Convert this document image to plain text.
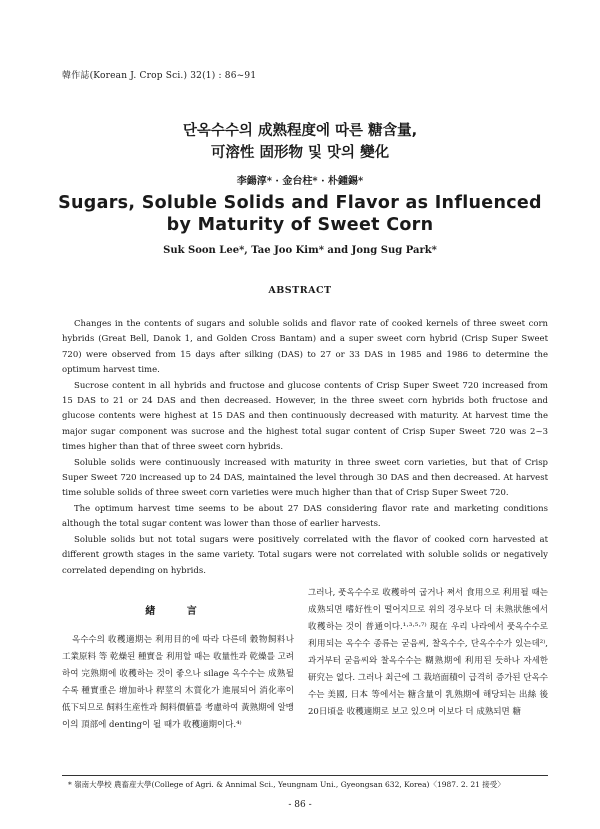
韓作誌(Korean J. Crop Sci.) 32(1) : 86~91
단옥수수의 成熟程度에 따른 糖含量,
可溶性 固形物 및 맛의 變化
李鍚淳* · 金台柱* · 朴鍾錫*
Sugars, Soluble Solids and Flavor as Influenced
by Maturity of Sweet Corn
Suk Soon Lee*, Tae Joo Kim* and Jong Sug Park*
ABSTRACT

Changes in the contents of sugars and soluble solids and flavor rate of cooked kernels of three sweet corn hybrids (Great Bell, Danok 1, and Golden Cross Bantam) and a super sweet corn hybrid (Crisp Super Sweet 720) were observed from 15 days after silking (DAS) to 27 or 33 DAS in 1985 and 1986 to determine the optimum harvest time.

Sucrose content in all hybrids and fructose and glucose contents of Crisp Super Sweet 720 increased from 15 DAS to 21 or 24 DAS and then decreased. However, in the three sweet corn hybrids both fructose and glucose contents were highest at 15 DAS and then continuously decreased with maturity. At harvest time the major sugar component was sucrose and the highest total sugar content of Crisp Super Sweet 720 was 2~3 times higher than that of three sweet corn hybrids.

Soluble solids were continuously increased with maturity in three sweet corn varieties, but that of Crisp Super Sweet 720 increased up to 24 DAS, maintained the level through 30 DAS and then decreased. At harvest time soluble solids of three sweet corn varieties were much higher than that of Crisp Super Sweet 720.

The optimum harvest time seems to be about 27 DAS considering flavor rate and marketing conditions although the total sugar content was lower than those of earlier harvests.

Soluble solids but not total sugars were positively correlated with the flavor of cooked corn harvested at different growth stages in the same variety. Total sugars were not correlated with soluble solids or negatively correlated depending on hybrids.

緖 言

옥수수의 收穫適期는 利用目的에 따라 다른데 穀物飼料나 工業原料 等 乾燥된 種實을 利用할 때는 收量性과 乾燥를 고려하여 完熟期에 收穫하는 것이 좋으나 silage 옥수수는 成熟될수록 種實重은 增加하나 稈莖의 木質化가 進展되어 消化率이 低下되므로 飼料生産性과 飼料價値를 考慮하여 黃熟期에 알맹이의 頂部에 denting이 될 때가 收穫適期이다.⁴⁾

그러나, 풋옥수수로 收穫하여 굽거나 쪄서 食用으로 利用될 때는 成熟되면 嗜好性이 떨어지므로 위의 경우보다 더 未熟狀態에서 收穫하는 것이 普通이다.¹·³·⁵·⁷⁾ 現在 우리 나라에서 풋옥수수로 利用되는 옥수수 종류는 굳음씨, 찰옥수수, 단옥수수가 있는데²⁾, 과거부터 굳음씨와 찰옥수수는 糊熟期에 利用된 듯하나 자세한 研究는 없다. 그러나 최근에 그 栽培面積이 급격히 증가된 단옥수수는 美國, 日本 等에서는 糖含量이 乳熟期에 해당되는 出絲 後 20日頃을 收穫適期로 보고 있으며 이보다 더 成熟되면 糖

* 嶺南大學校 農畜産大學(College of Agri. & Annimal Sci., Yeungnam Uni., Gyeongsan 632, Korea)〈1987. 2. 21 接受〉
- 86 -
